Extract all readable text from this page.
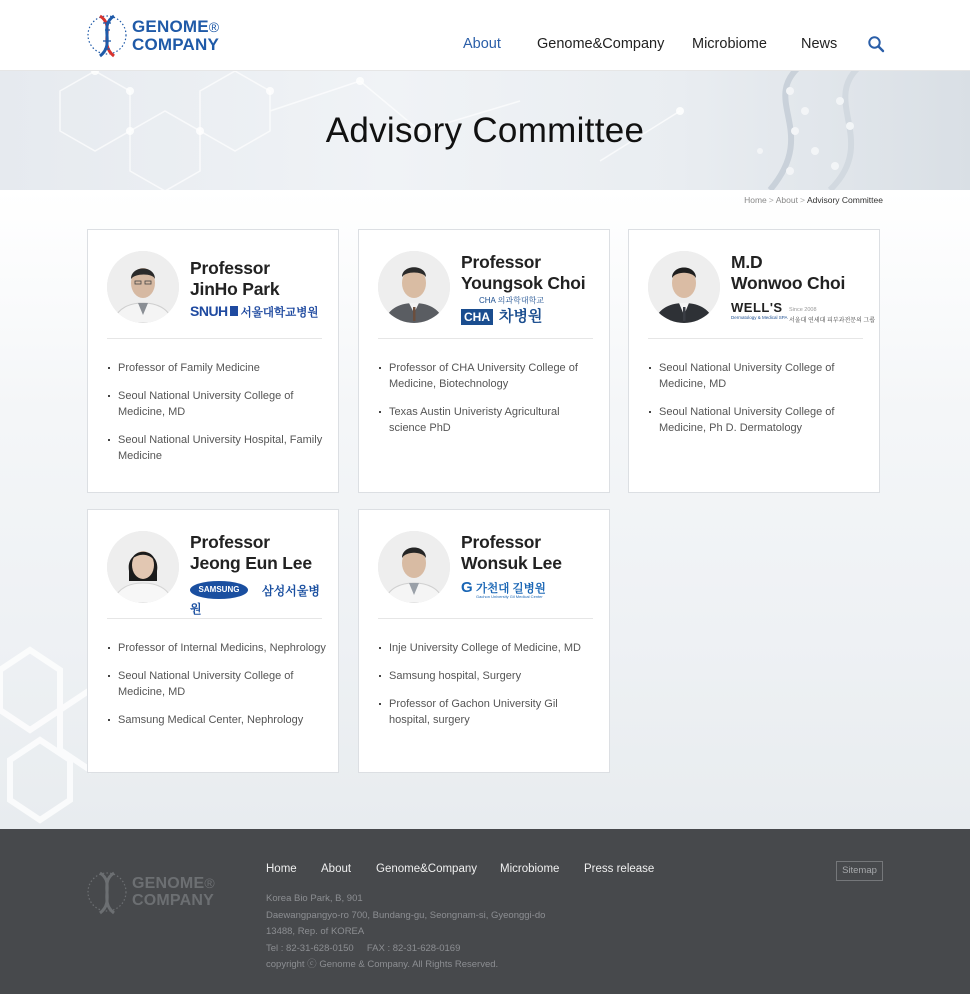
GENOME®
COMPANY	About Genome&Company Microbiome News
Advisory Committee
Home > About > Advisory Committee
Professor
JinHo Park
SNUH 서울대학교병원
Professor of Family Medicine
Seoul National University College of Medicine, MD
Seoul National University Hospital, Family Medicine
Professor
Youngsok Choi
CHA 의과학대학교
CHA 차병원
Professor of CHA University College of Medicine, Biotechnology
Texas Austin Univeristy Agricultural science PhD
M.D
Wonwoo Choi
WELL'S
Dermatology & Medical SPA
Since 2008
서울대 연세대 피부과전문의 그룹
Seoul National University College of Medicine, MD
Seoul National University College of Medicine, Ph D. Dermatology
Professor
Jeong Eun Lee
SAMSUNG 삼성서울병원
Professor of Internal Medicins, Nephrology
Seoul National University College of Medicine, MD
Samsung Medical Center, Nephrology
Professor
Wonsuk Lee
G 가천대 길병원
Gachon University Gil Medical Center
Inje University College of Medicine, MD
Samsung hospital, Surgery
Professor of Gachon University Gil hospital, surgery
GENOME®
COMPANY
Home About Genome&Company Microbiome Press release
Korea Bio Park, B, 901
Daewangpangyo-ro 700, Bundang-gu, Seongnam-si, Gyeonggi-do
13488, Rep. of KOREA
Tel : 82-31-628-0150     FAX : 82-31-628-0169
copyright ⓒ Genome & Company. All Rights Reserved.
Sitemap
